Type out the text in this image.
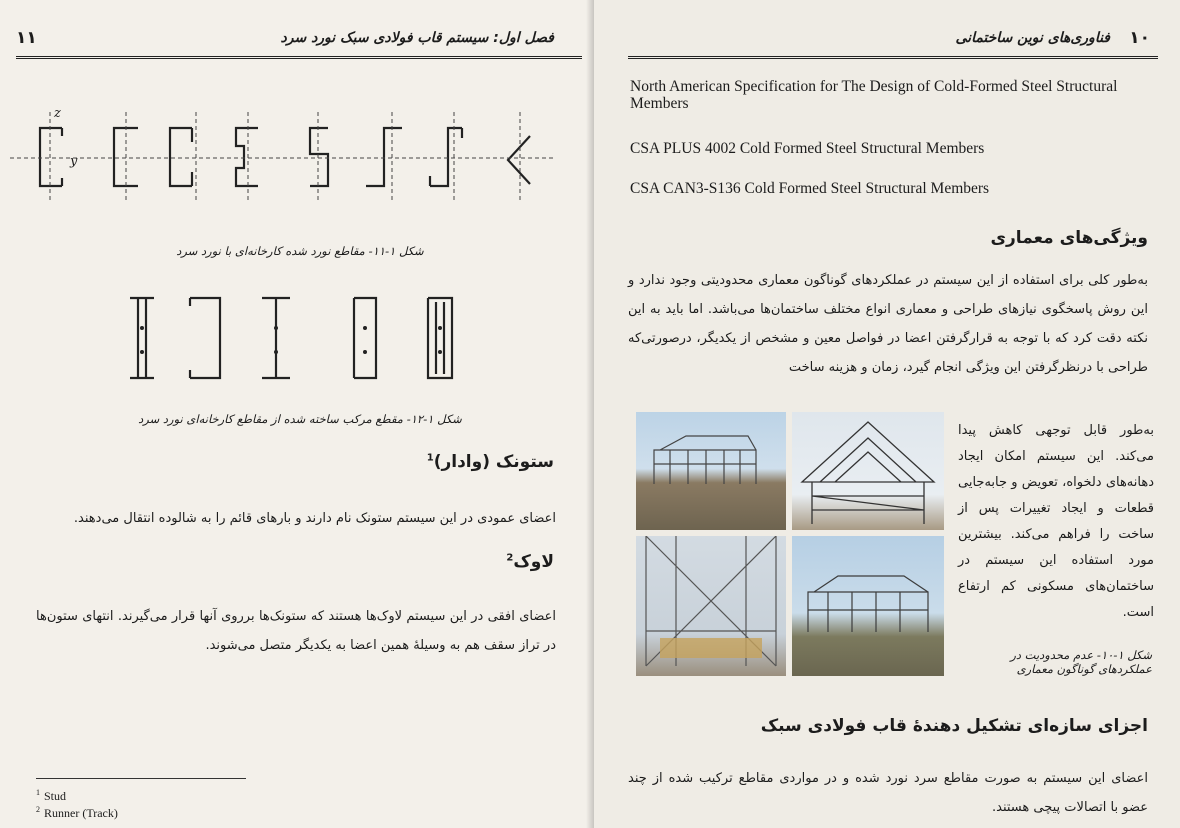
۱۱	فصل اول: سیستم قاب فولادی سبک نورد سرد
z
y
شکل ۱-۱۱- مقاطع نورد شده کارخانه‌ای با نورد سرد
شکل ۱-۱۲- مقطع مرکب ساخته شده از مقاطع کارخانه‌ای نورد سرد
ستونک (وادار)$^1$
اعضای عمودی در این سیستم ستونک نام دارند و بارهای قائم را به شالوده انتقال می‌دهند.
لاوک$^2$
اعضای افقی در این سیستم لاوک‌ها هستند که ستونک‌ها برروی آنها قرار می‌گیرند. انتهای ستون‌ها در تراز سقف هم به وسیلهٔ همین اعضا به یکدیگر متصل می‌شوند.
$^1$ Stud
$^2$ Runner (Track)
۱۰
فناوری‌های نوین ساختمانی
North American Specification for The Design of Cold-Formed Steel Structural Members
CSA PLUS 4002 Cold Formed Steel Structural Members
CSA CAN3-S136 Cold Formed Steel Structural Members
ویژگی‌های معماری
به‌طور کلی برای استفاده از این سیستم در عملکردهای گوناگون معماری محدودیتی وجود ندارد و این روش پاسخگوی نیازهای طراحی و معماری انواع مختلف ساختمان‌ها می‌باشد. اما باید به این نکته دقت کرد که با توجه به قرارگرفتن اعضا در فواصل معین و مشخص از یکدیگر، درصورتی‌که طراحی با درنظرگرفتن این ویژگی انجام گیرد، زمان و هزینه ساخت
به‌طور قابل توجهی کاهش پیدا می‌کند. این سیستم امکان ایجاد دهانه‌های دلخواه، تعویض و جابه‌جایی قطعات و ایجاد تغییرات پس از ساخت را فراهم می‌کند. بیشترین مورد استفاده این سیستم در ساختمان‌های مسکونی کم ارتفاع است.
شکل ۱-۱۰- عدم محدودیت در عملکردهای گوناگون معماری
اجزای سازه‌ای تشکیل دهندهٔ قاب فولادی سبک
اعضای این سیستم به صورت مقاطع سرد نورد شده و در مواردی مقاطع ترکیب شده از چند عضو با اتصالات پیچی هستند.
